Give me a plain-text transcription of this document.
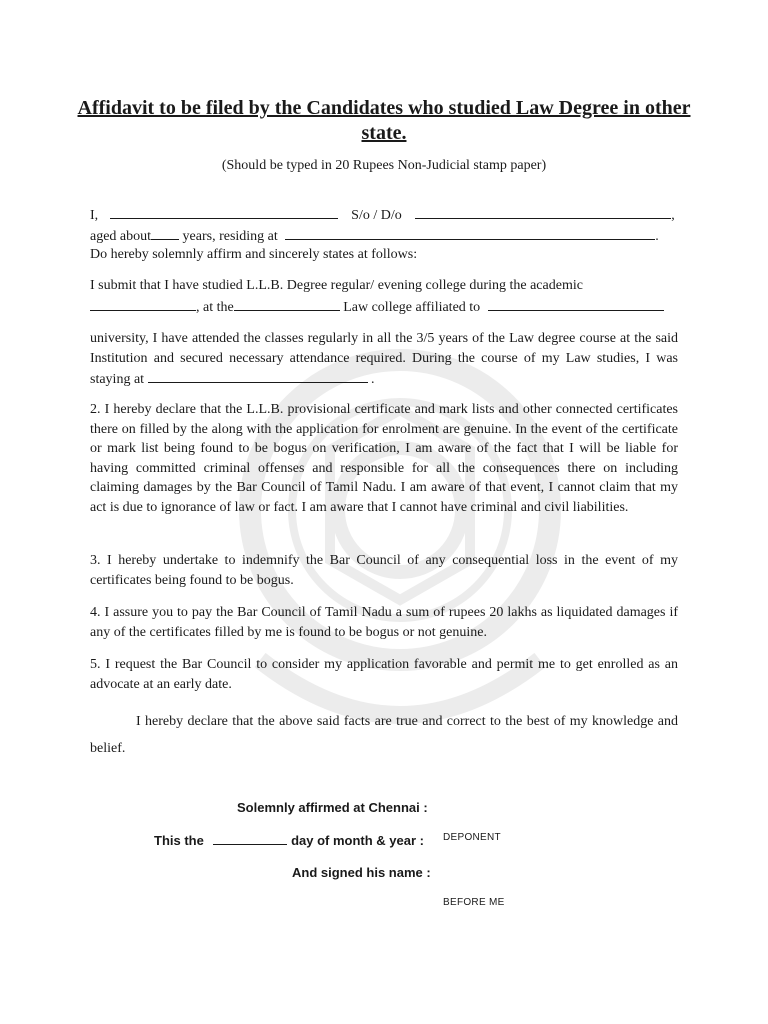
Affidavit to be filed by the Candidates who studied Law Degree in other state.

(Should be typed in 20 Rupees Non-Judicial stamp paper)

I,	S/o / D/o	,
aged about years, residing at	.
Do hereby solemnly affirm and sincerely states at follows:
I submit that I have studied L.L.B. Degree regular/ evening college during the academic
, at the	Law college affiliated to

university, I have attended the classes regularly in all the 3/5 years of the Law degree course at the said Institution and secured necessary attendance required. During the course of my Law studies, I was staying at	.

2. I hereby declare that the L.L.B. provisional certificate and mark lists and other connected certificates there on filled by the along with the application for enrolment are genuine. In the event of the certificate or mark list being found to be bogus on verification, I am aware of the fact that I will be liable for having committed criminal offenses and responsible for all the consequences there on including claiming damages by the Bar Council of Tamil Nadu. I am aware of that event, I cannot claim that my act is due to ignorance of law or fact. I am aware that I cannot have criminal and civil liabilities.

3. I hereby undertake to indemnify the Bar Council of any consequential loss in the event of my certificates being found to be bogus.

4. I assure you to pay the Bar Council of Tamil Nadu a sum of rupees 20 lakhs as liquidated damages if any of the certificates filled by me is found to be bogus or not genuine.

5. I request the Bar Council to consider my application favorable and permit me to get enrolled as an advocate at an early date.

I hereby declare that the above said facts are true and correct to the best of my knowledge and belief.

Solemnly affirmed at Chennai :
This the	day of month & year : DEPONENT
And signed his name :
BEFORE ME
